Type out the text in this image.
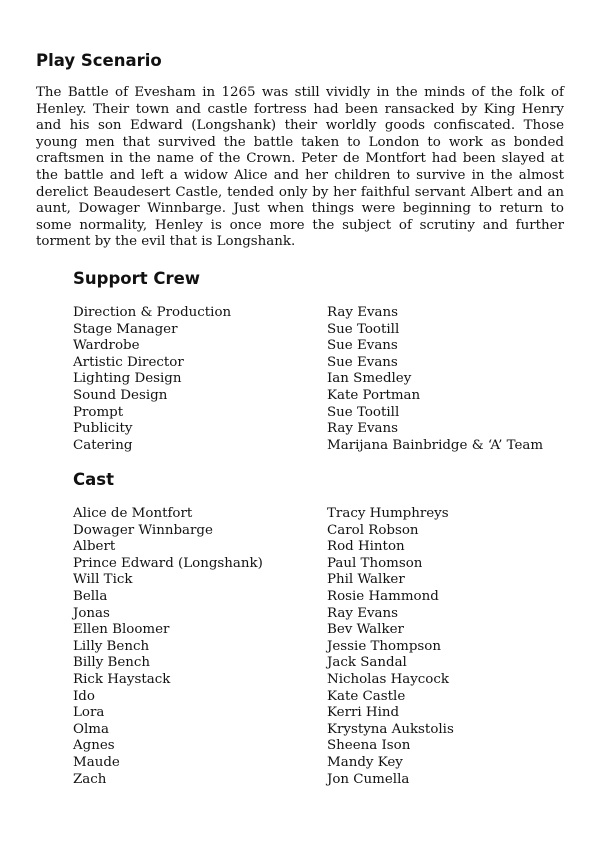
Play Scenario

The Battle of Evesham in 1265 was still vividly in the minds of the folk of Henley. Their town and castle fortress had been ransacked by King Henry and his son Edward (Longshank) their worldly goods confiscated. Those young men that survived the battle taken to London to work as bonded craftsmen in the name of the Crown. Peter de Montfort had been slayed at the battle and left a widow Alice and her children to survive in the almost derelict Beaudesert Castle, tended only by her faithful servant Albert and an aunt, Dowager Winnbarge. Just when things were beginning to return to some normality, Henley is once more the subject of scrutiny and further torment by the evil that is Longshank.

Support Crew
Direction & Production	Ray Evans
Stage Manager	Sue Tootill
Wardrobe	Sue Evans
Artistic Director	Sue Evans
Lighting Design	Ian Smedley
Sound Design	Kate Portman
Prompt	Sue Tootill
Publicity	Ray Evans
Catering	Marijana Bainbridge & ‘A’ Team
Cast
Alice de Montfort	Tracy Humphreys
Dowager Winnbarge	Carol Robson
Albert	Rod Hinton
Prince Edward (Longshank)	Paul Thomson
Will Tick	Phil Walker
Bella	Rosie Hammond
Jonas	Ray Evans
Ellen Bloomer	Bev Walker
Lilly Bench	Jessie Thompson
Billy Bench	Jack Sandal
Rick Haystack	Nicholas Haycock
Ido	Kate Castle
Lora	Kerri Hind
Olma	Krystyna Aukstolis
Agnes	Sheena Ison
Maude	Mandy Key
Zach	Jon Cumella
